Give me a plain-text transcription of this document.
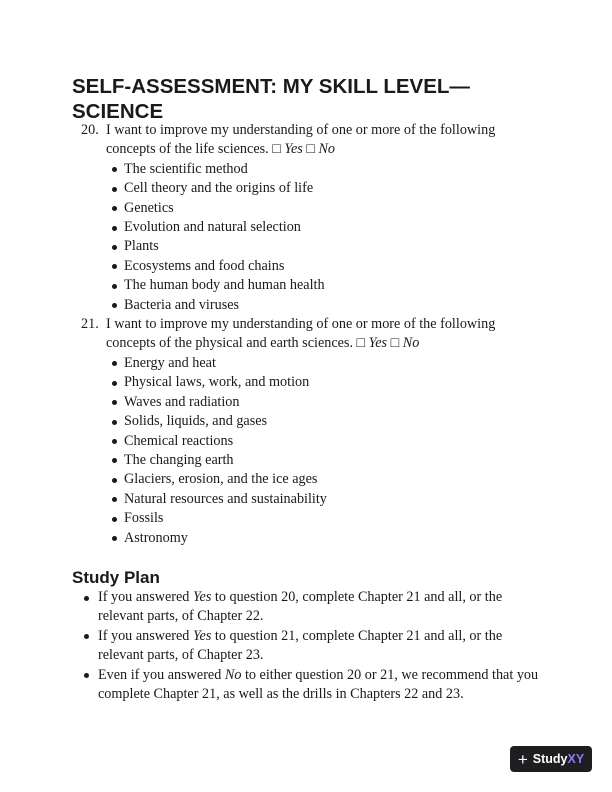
SELF-ASSESSMENT: MY SKILL LEVEL—SCIENCE
20. I want to improve my understanding of one or more of the following concepts of the life sciences. □ Yes □ No
The scientific method
Cell theory and the origins of life
Genetics
Evolution and natural selection
Plants
Ecosystems and food chains
The human body and human health
Bacteria and viruses
21. I want to improve my understanding of one or more of the following concepts of the physical and earth sciences. □ Yes □ No
Energy and heat
Physical laws, work, and motion
Waves and radiation
Solids, liquids, and gases
Chemical reactions
The changing earth
Glaciers, erosion, and the ice ages
Natural resources and sustainability
Fossils
Astronomy
Study Plan
If you answered Yes to question 20, complete Chapter 21 and all, or the relevant parts, of Chapter 22.
If you answered Yes to question 21, complete Chapter 21 and all, or the relevant parts, of Chapter 23.
Even if you answered No to either question 20 or 21, we recommend that you complete Chapter 21, as well as the drills in Chapters 22 and 23.
+ StudyXY
